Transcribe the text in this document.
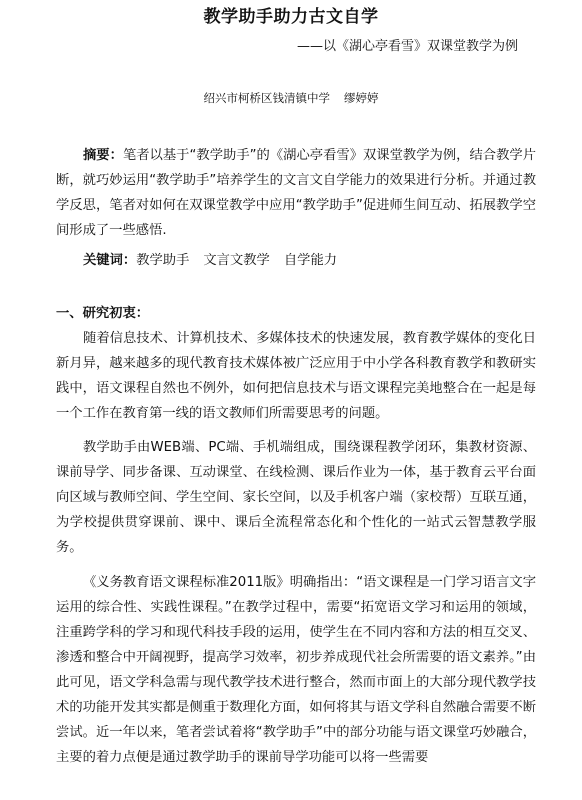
教学助手助力古文自学
——以《湖心亭看雪》双课堂教学为例
绍兴市柯桥区钱清镇中学 缪婷婷
摘要：笔者以基于“教学助手”的《湖心亭看雪》双课堂教学为例，结合教学片断，就巧妙运用“教学助手”培养学生的文言文自学能力的效果进行分析。并通过教学反思，笔者对如何在双课堂教学中应用“教学助手”促进师生间互动、拓展教学空间形成了一些感悟.
关键词：教学助手 文言文教学 自学能力
一、研究初衷：
随着信息技术、计算机技术、多媒体技术的快速发展，教育教学媒体的变化日新月异，越来越多的现代教育技术媒体被广泛应用于中小学各科教育教学和教研实践中，语文课程自然也不例外，如何把信息技术与语文课程完美地整合在一起是每一个工作在教育第一线的语文教师们所需要思考的问题。
教学助手由WEB端、PC端、手机端组成，围绕课程教学闭环，集教材资源、课前导学、同步备课、互动课堂、在线检测、课后作业为一体，基于教育云平台面向区域与教师空间、学生空间、家长空间，以及手机客户端（家校帮）互联互通，为学校提供贯穿课前、课中、课后全流程常态化和个性化的一站式云智慧教学服务。
《义务教育语文课程标准2011版》明确指出：“语文课程是一门学习语言文字运用的综合性、实践性课程。”在教学过程中，需要“拓宽语文学习和运用的领域，注重跨学科的学习和现代科技手段的运用，使学生在不同内容和方法的相互交叉、渗透和整合中开阔视野，提高学习效率，初步养成现代社会所需要的语文素养。”由此可见，语文学科急需与现代教学技术进行整合，然而市面上的大部分现代教学技术的功能开发其实都是侧重于数理化方面，如何将其与语文学科自然融合需要不断尝试。近一年以来，笔者尝试着将“教学助手”中的部分功能与语文课堂巧妙融合，主要的着力点便是通过教学助手的课前导学功能可以将一些需要
